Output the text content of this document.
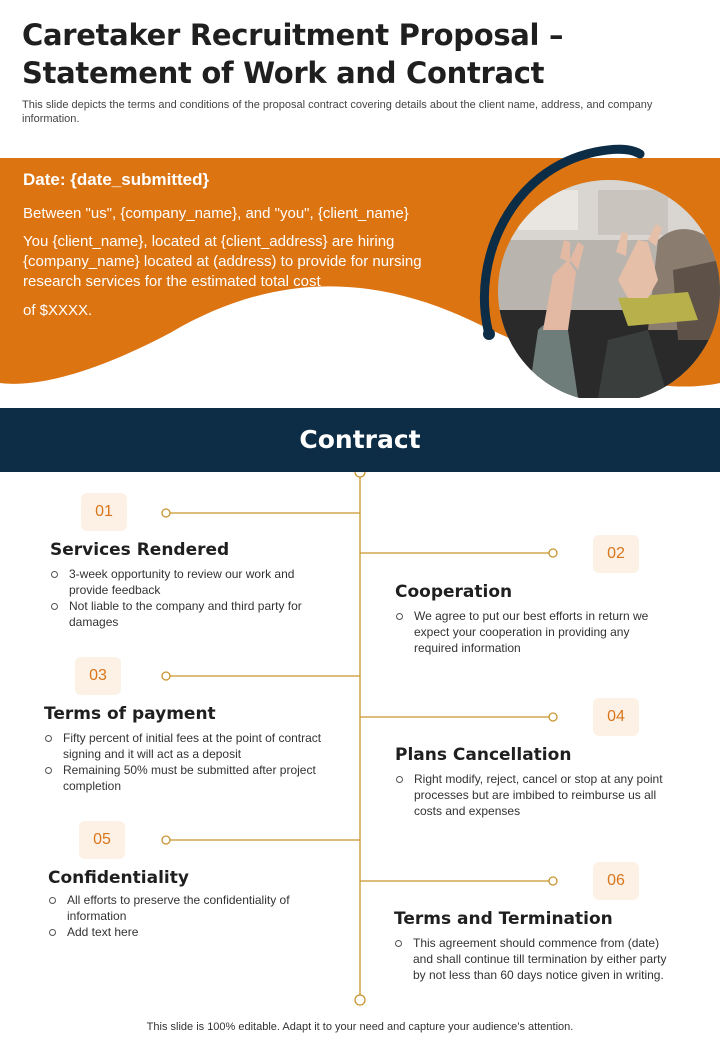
Caretaker Recruitment Proposal –
Statement of Work and Contract
This slide depicts the terms and conditions of the proposal contract covering details about the client name, address, and company information.
Date: {date_submitted}
Between "us", {company_name}, and "you", {client_name}
You {client_name}, located at {client_address} are hiring {company_name} located at (address) to provide for nursing research services for the estimated total cost
of $XXXX.
Contract
01
Services Rendered
3-week opportunity to review our work and provide feedback
Not liable to the company and third party for damages
02
Cooperation
We agree to put our best efforts in return we expect your cooperation in providing any required information
03
Terms of payment
Fifty percent of initial fees at the point of contract signing and it will act as a deposit
Remaining 50% must be submitted after project completion
04
Plans Cancellation
Right modify, reject, cancel or stop at any point processes but are imbibed to reimburse us all costs and expenses
05
Confidentiality
All efforts to preserve the confidentiality of information
Add text here
06
Terms and Termination
This agreement should commence from (date) and shall continue till termination by either party by not less than 60 days notice given in writing.
This slide is 100% editable. Adapt it to your need and capture your audience’s attention.
